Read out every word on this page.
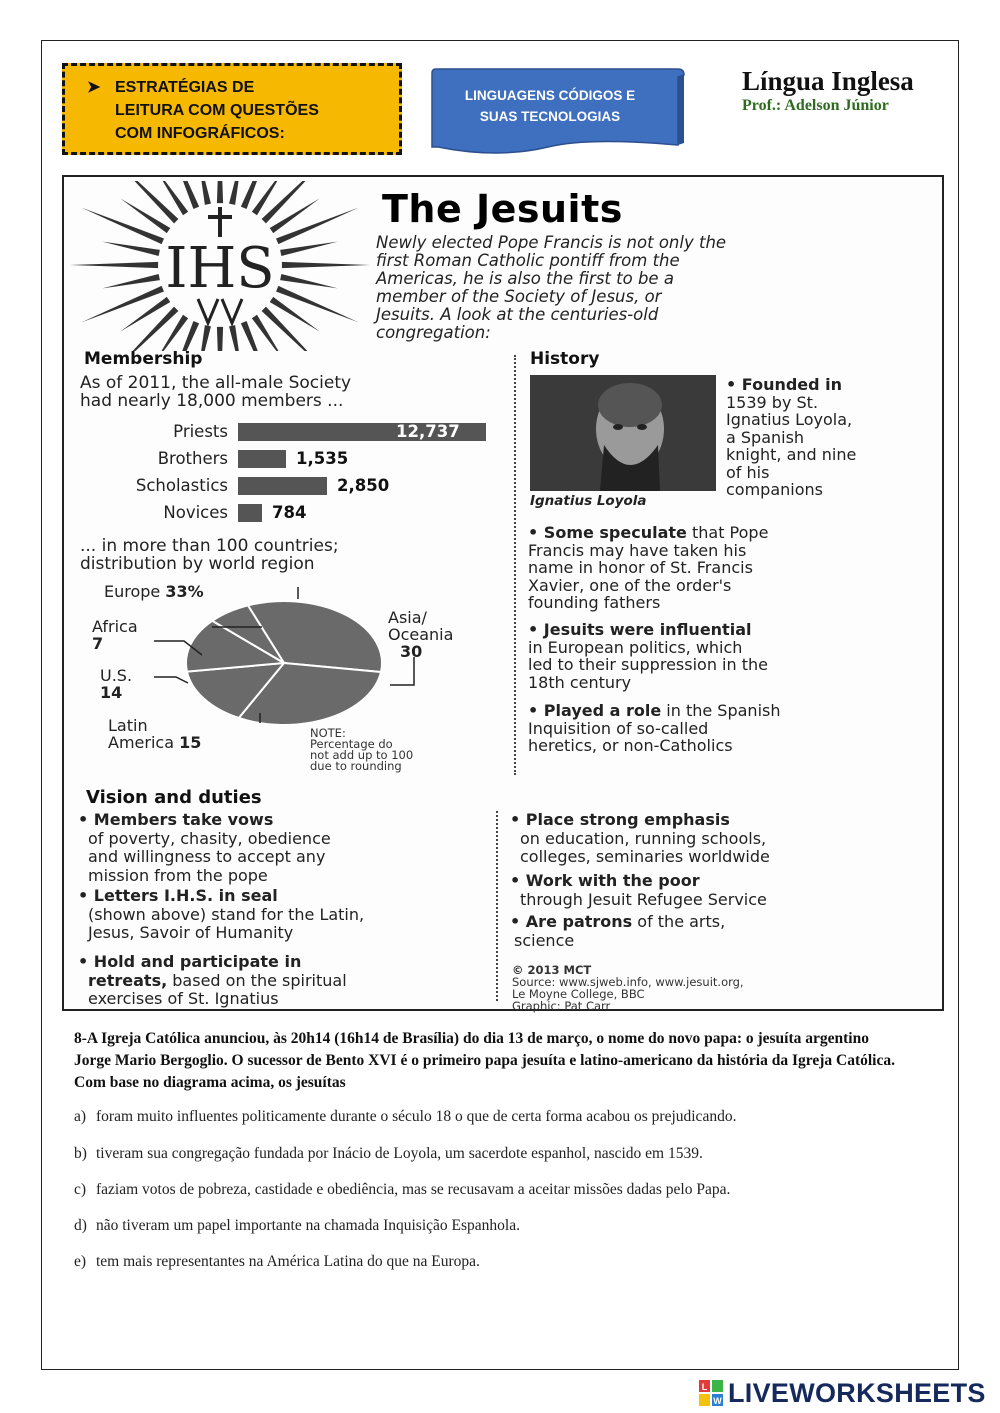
➤ ESTRATÉGIAS DE
LEITURA COM QUESTÕES
COM INFOGRÁFICOS:
LINGUAGENS CÓDIGOS E
SUAS TECNOLOGIAS
Língua Inglesa
Prof.: Adelson Júnior
IHS
The Jesuits
Newly elected Pope Francis is not only the
first Roman Catholic pontiff from the
Americas, he is also the first to be a
member of the Society of Jesus, or
Jesuits. A look at the centuries-old
congregation:
Membership
As of 2011, the all-male Society
had nearly 18,000 members ...
Priests	12,737
Brothers	1,535
Scholastics	2,850
Novices	784
... in more than 100 countries;
distribution by world region
Europe 33%
Asia/
Oceania
30
Africa
7
U.S.
14
Latin
America 15	NOTE:
Percentage do
not add up to 100
due to rounding
History
Ignatius Loyola
• Founded in
1539 by St.
Ignatius Loyola,
a Spanish
knight, and nine
of his
companions
• Some speculate that Pope
Francis may have taken his
name in honor of St. Francis
Xavier, one of the order's
founding fathers
• Jesuits were influential
in European politics, which
led to their suppression in the
18th century
• Played a role in the Spanish
Inquisition of so-called
heretics, or non-Catholics
Vision and duties
• Members take vows
of poverty, chasity, obedience
and willingness to accept any
mission from the pope
• Letters I.H.S. in seal
(shown above) stand for the Latin,
Jesus, Savoir of Humanity
• Hold and participate in
retreats, based on the spiritual
exercises of St. Ignatius
• Place strong emphasis
on education, running schools,
colleges, seminaries worldwide
• Work with the poor
through Jesuit Refugee Service
• Are patrons of the arts,
science
© 2013 MCT
Source: www.sjweb.info, www.jesuit.org,
Le Moyne College, BBC
Graphic: Pat Carr
8-A Igreja Católica anunciou, às 20h14 (16h14 de Brasília) do dia 13 de março, o nome do novo papa: o jesuíta argentino Jorge Mario Bergoglio. O sucessor de Bento XVI é o primeiro papa jesuíta e latino-americano da história da Igreja Católica. Com base no diagrama acima, os jesuítas
a) foram muito influentes politicamente durante o século 18 o que de certa forma acabou os prejudicando.
b) tiveram sua congregação fundada por Inácio de Loyola, um sacerdote espanhol, nascido em 1539.
c) faziam votos de pobreza, castidade e obediência, mas se recusavam a aceitar missões dadas pelo Papa.
d) não tiveram um papel importante na chamada Inquisição Espanhola.
e) tem mais representantes na América Latina do que na Europa.
L
W LIVEWORKSHEETS
